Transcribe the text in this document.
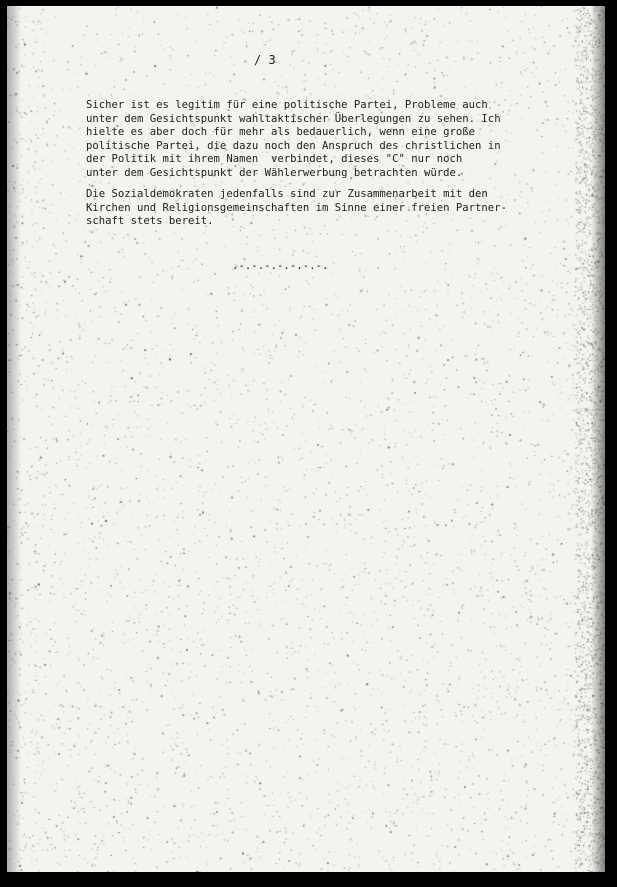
/ 3
Sicher ist es legitim für eine politische Partei, Probleme auch
unter dem Gesichtspunkt wahltaktischer Überlegungen zu sehen. Ich
hielte es aber doch für mehr als bedauerlich, wenn eine große
politische Partei, die dazu noch den Anspruch des christlichen in
der Politik mit ihrem Namen  verbindet, dieses "C" nur noch
unter dem Gesichtspunkt der Wählerwerbung betrachten würde.
Die Sozialdemokraten jedenfalls sind zur Zusammenarbeit mit den
Kirchen und Religionsgemeinschaften im Sinne einer freien Partner-
schaft stets bereit.
.-.-.-.-.-.-.-.
